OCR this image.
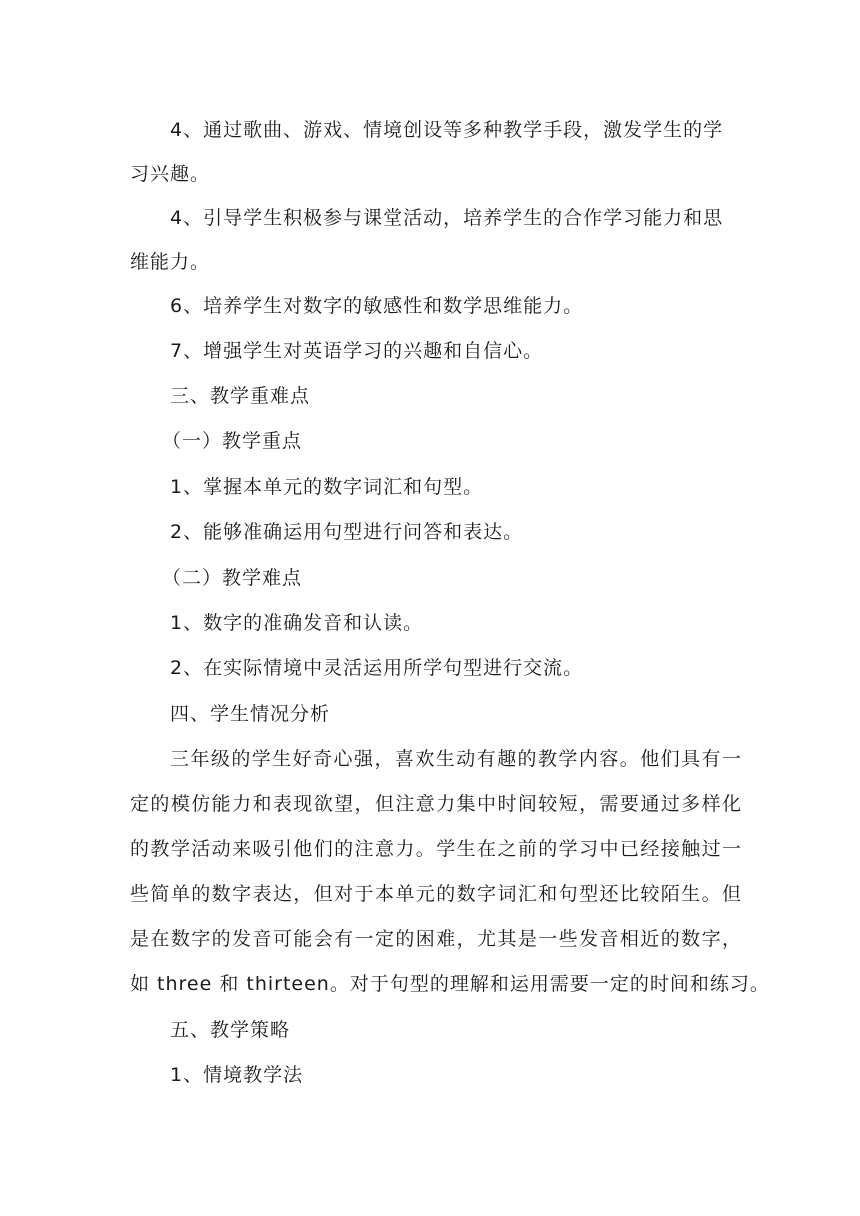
4、通过歌曲、游戏、情境创设等多种教学手段，激发学生的学
习兴趣。
4、引导学生积极参与课堂活动，培养学生的合作学习能力和思
维能力。
6、培养学生对数字的敏感性和数学思维能力。
7、增强学生对英语学习的兴趣和自信心。
三、教学重难点
（一）教学重点
1、掌握本单元的数字词汇和句型。
2、能够准确运用句型进行问答和表达。
（二）教学难点
1、数字的准确发音和认读。
2、在实际情境中灵活运用所学句型进行交流。
四、学生情况分析
三年级的学生好奇心强，喜欢生动有趣的教学内容。他们具有一
定的模仿能力和表现欲望，但注意力集中时间较短，需要通过多样化
的教学活动来吸引他们的注意力。学生在之前的学习中已经接触过一
些简单的数字表达，但对于本单元的数字词汇和句型还比较陌生。但
是在数字的发音可能会有一定的困难，尤其是一些发音相近的数字，
如 three 和 thirteen。对于句型的理解和运用需要一定的时间和练习。
五、教学策略
1、情境教学法
